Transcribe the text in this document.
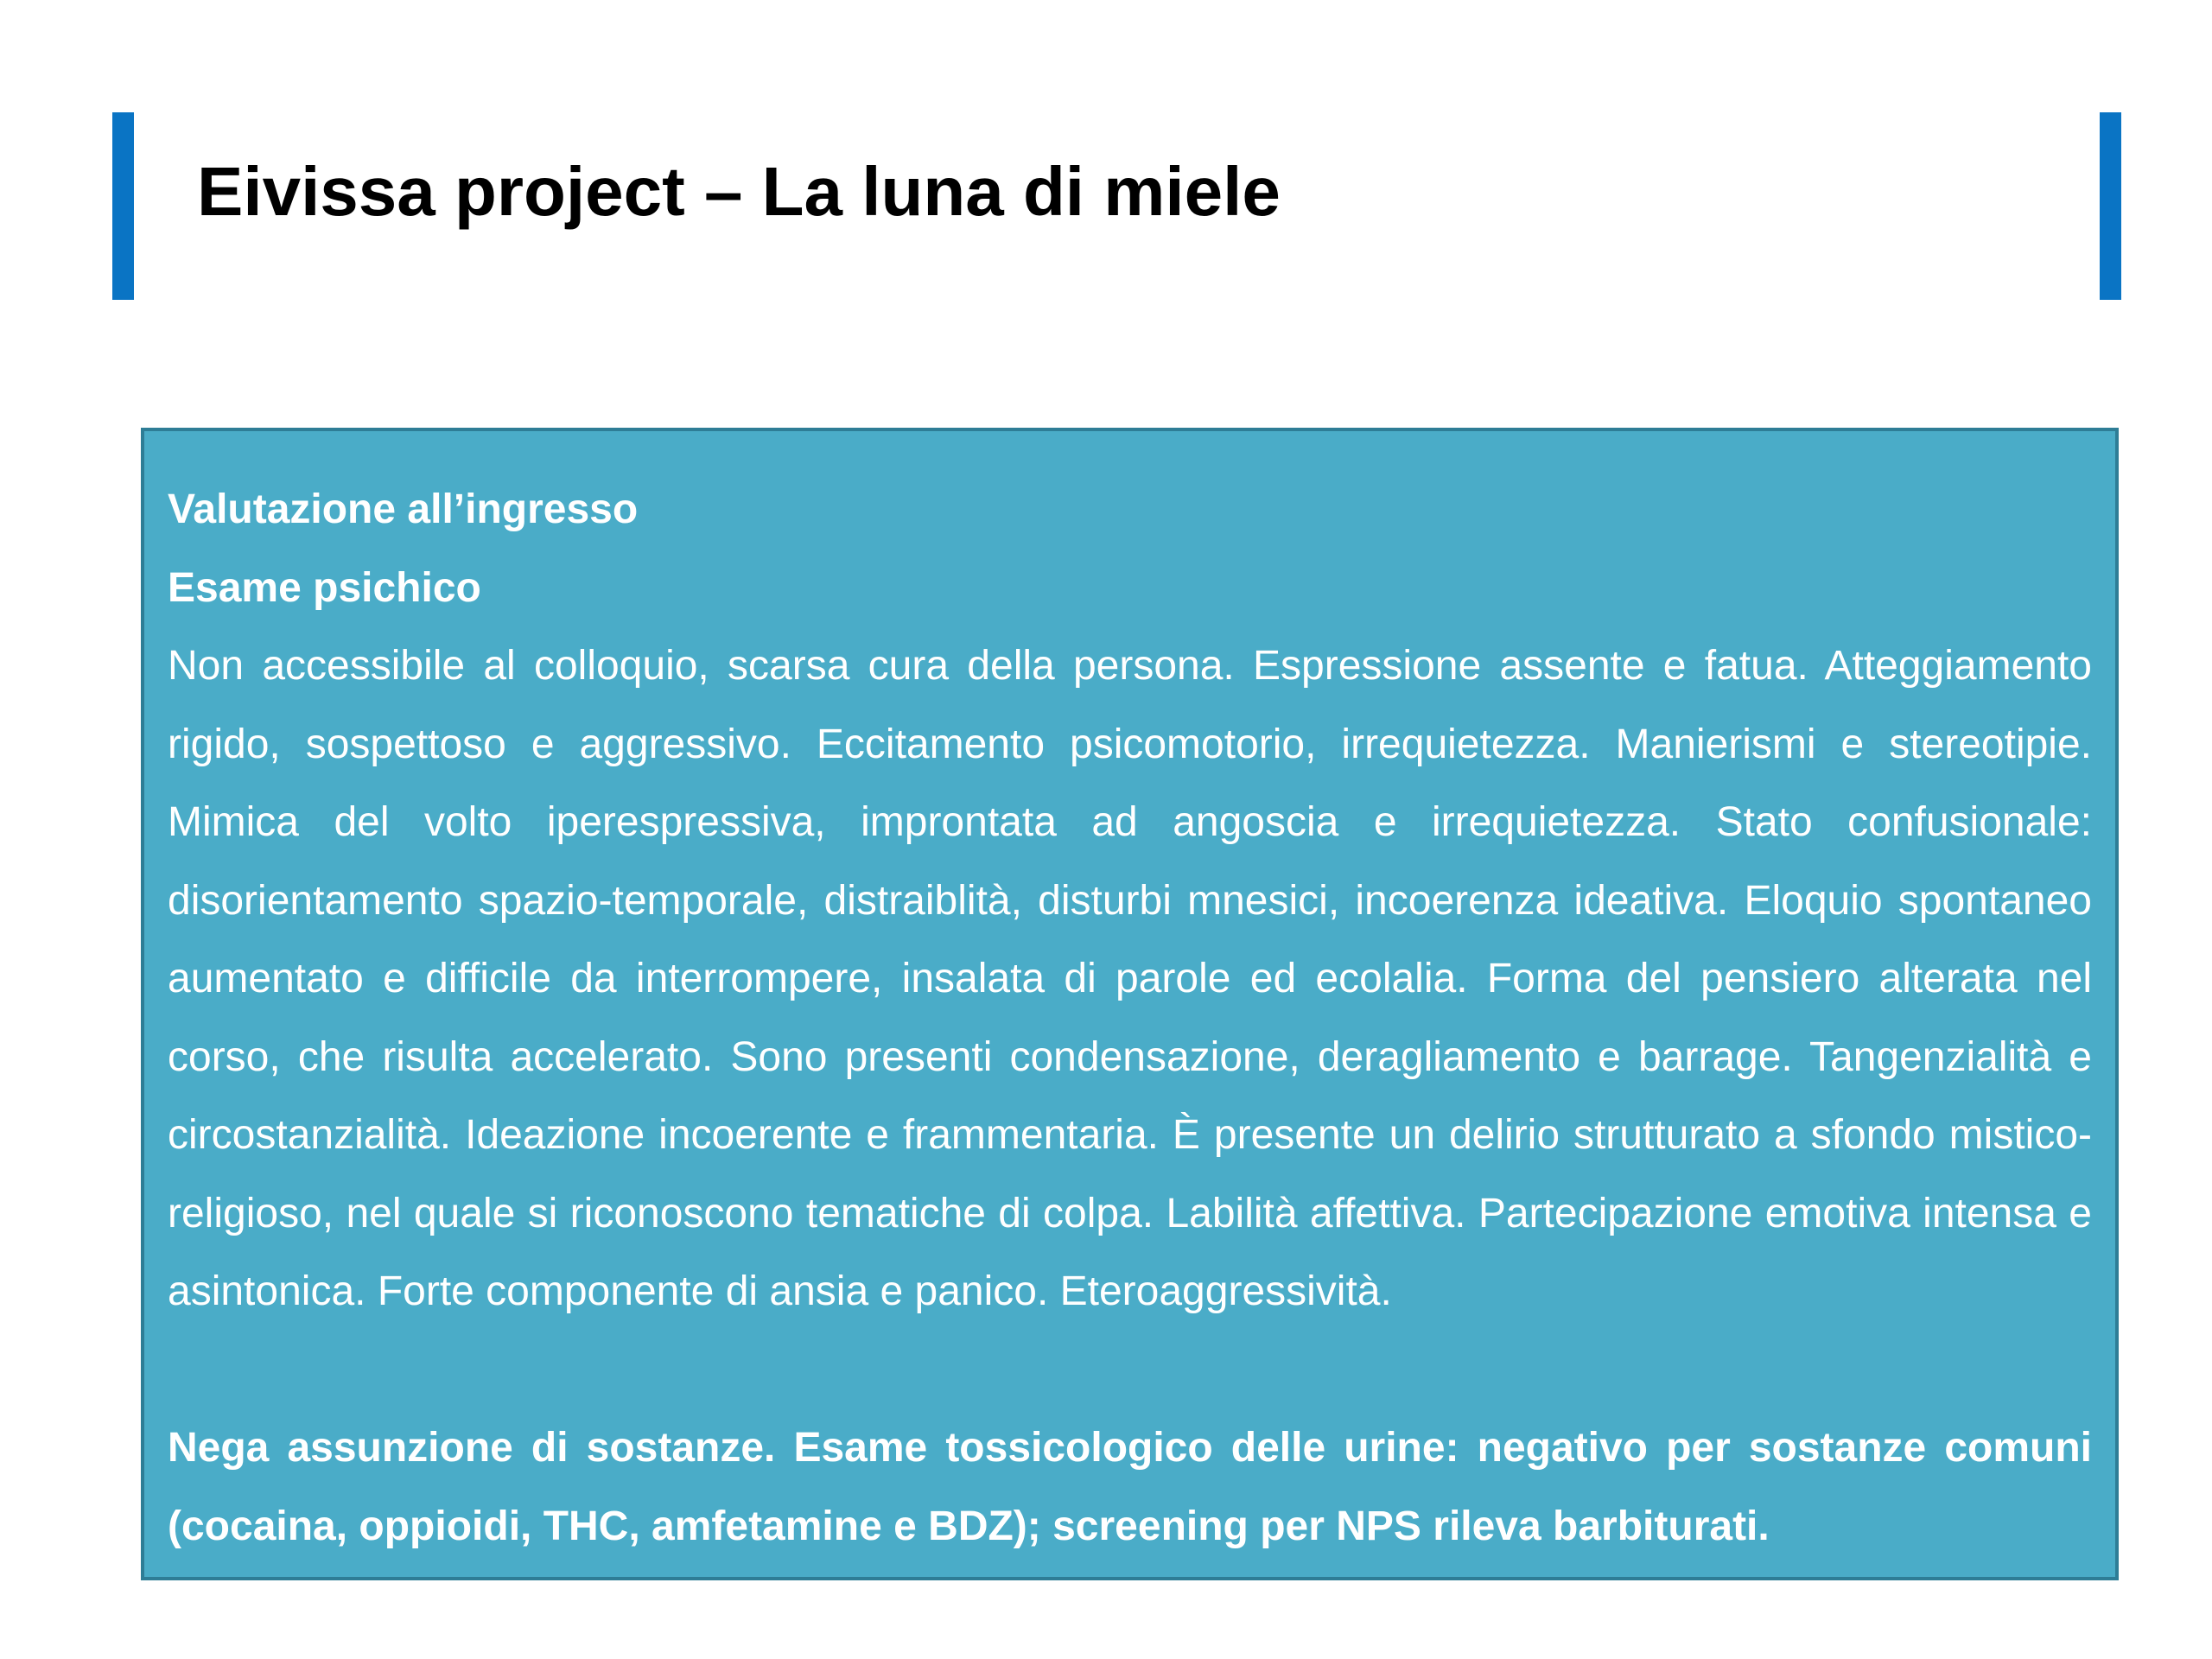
Eivissa project – La luna di miele

Valutazione all’ingresso

Esame psichico

Non accessibile al colloquio, scarsa cura della persona. Espressione assente e fatua. Atteggiamento rigido, sospettoso e aggressivo. Eccitamento psicomotorio, irrequietezza. Manierismi e stereotipie. Mimica del volto iperespressiva, improntata ad angoscia e irrequietezza. Stato confusionale: disorientamento spazio-temporale, distraiblità, disturbi mnesici, incoerenza ideativa. Eloquio spontaneo aumentato e difficile da interrompere, insalata di parole ed ecolalia. Forma del pensiero alterata nel corso, che risulta accelerato. Sono presenti condensazione, deragliamento e barrage. Tangenzialità e circostanzialità. Ideazione incoerente e frammentaria. È presente un delirio strutturato a sfondo mistico-religioso, nel quale si riconoscono tematiche di colpa. Labilità affettiva. Partecipazione emotiva intensa e asintonica. Forte componente di ansia e panico. Eteroaggressività.

Nega assunzione di sostanze. Esame tossicologico delle urine: negativo per sostanze comuni (cocaina, oppioidi, THC, amfetamine e BDZ); screening per NPS rileva barbiturati.
